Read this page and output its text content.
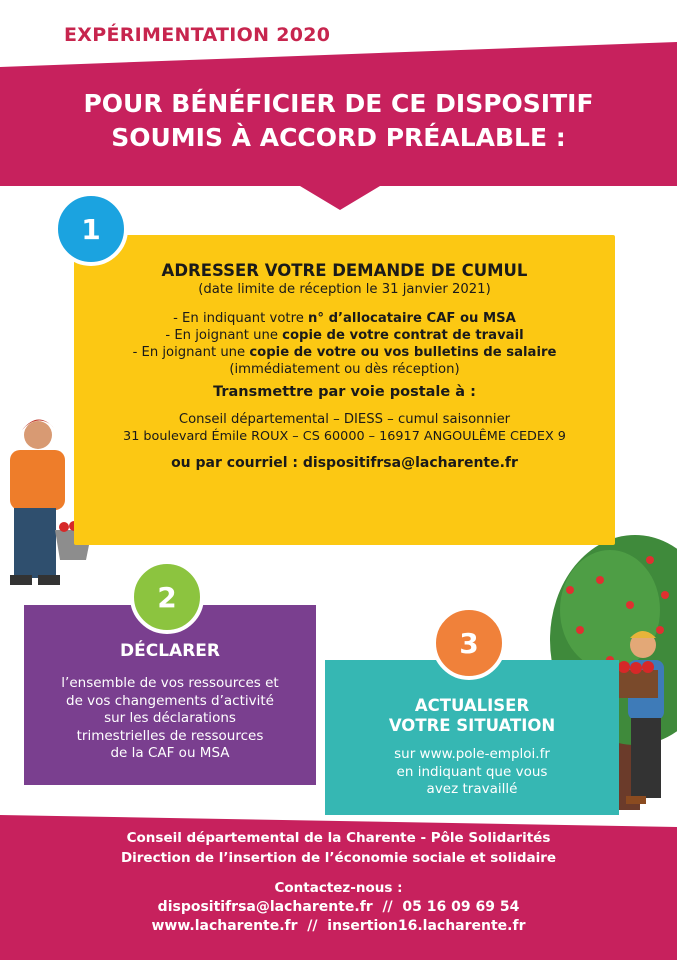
EXPÉRIMENTATION 2020
POUR BÉNÉFICIER DE CE DISPOSITIF
SOUMIS À ACCORD PRÉALABLE :
ADRESSER VOTRE DEMANDE DE CUMUL
(date limite de réception le 31 janvier 2021)
- En indiquant votre n° d’allocataire CAF ou MSA
- En joignant une copie de votre contrat de travail
- En joignant une copie de votre ou vos bulletins de salaire
(immédiatement ou dès réception)
Transmettre par voie postale à :
Conseil départemental – DIESS – cumul saisonnier
31 boulevard Émile ROUX – CS 60000 – 16917 ANGOULÊME CEDEX 9
ou par courriel : dispositifrsa@lacharente.fr
1
DÉCLARER
l’ensemble de vos ressources et
de vos changements d’activité
sur les déclarations
trimestrielles de ressources
de la CAF ou MSA
2
ACTUALISER
VOTRE SITUATION
sur www.pole-emploi.fr
en indiquant que vous
avez travaillé
3
Conseil départemental de la Charente - Pôle Solidarités
Direction de l’insertion de l’économie sociale et solidaire
Contactez-nous :
dispositifrsa@lacharente.fr  //  05 16 09 69 54
www.lacharente.fr  //  insertion16.lacharente.fr
